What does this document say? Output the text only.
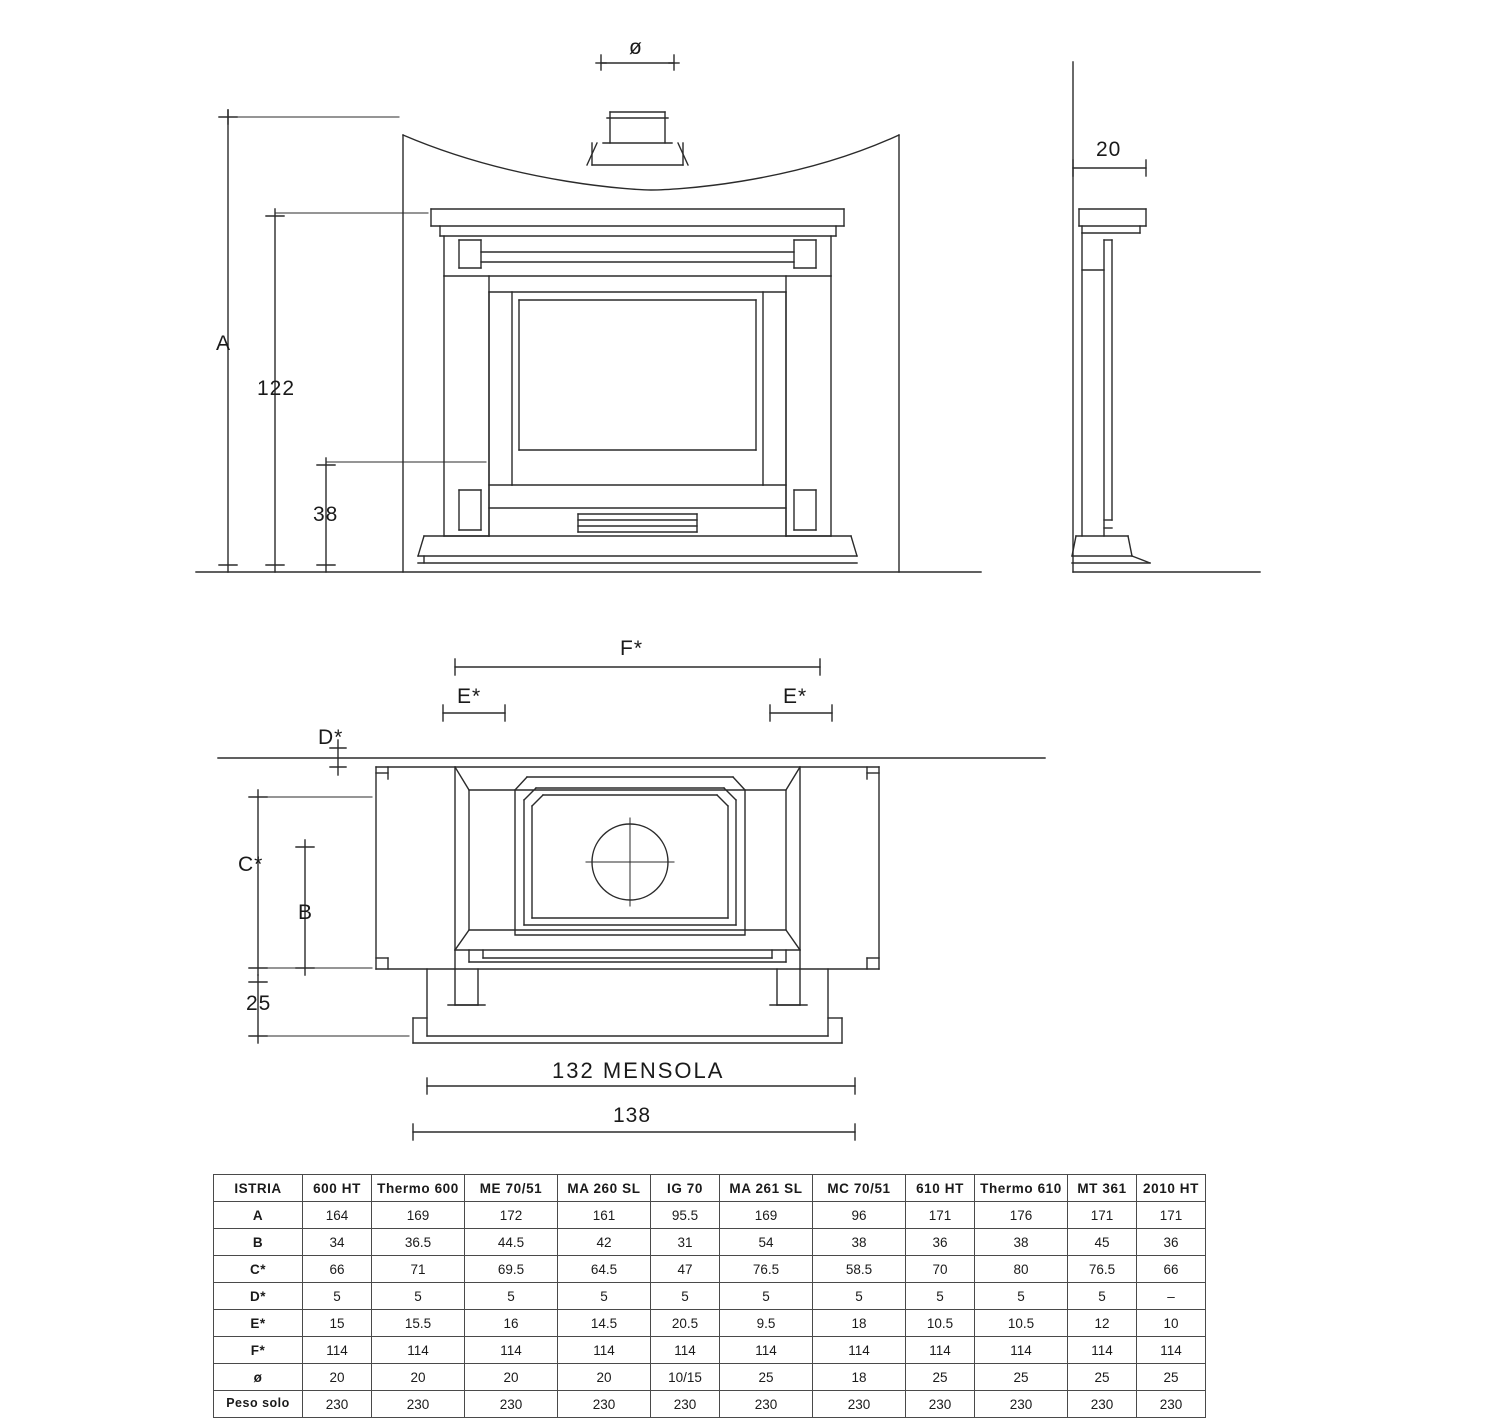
A
122
38
ø
20
F*
E*	E*
D*
C*
B
25
132 MENSOLA
138
ISTRIA	600 HT	Thermo 600	ME 70/51	MA 260 SL	IG 70	MA 261 SL	MC 70/51	610 HT	Thermo 610	MT 361	2010 HT
A	164	169	172	161	95.5	169	96	171	176	171	171
B	34	36.5	44.5	42	31	54	38	36	38	45	36
C*	66	71	69.5	64.5	47	76.5	58.5	70	80	76.5	66
D*	5	5	5	5	5	5	5	5	5	5	–
E*	15	15.5	16	14.5	20.5	9.5	18	10.5	10.5	12	10
F*	114	114	114	114	114	114	114	114	114	114	114
ø	20	20	20	20	10/15	25	18	25	25	25	25
Peso solo	230	230	230	230	230	230	230	230	230	230	230
